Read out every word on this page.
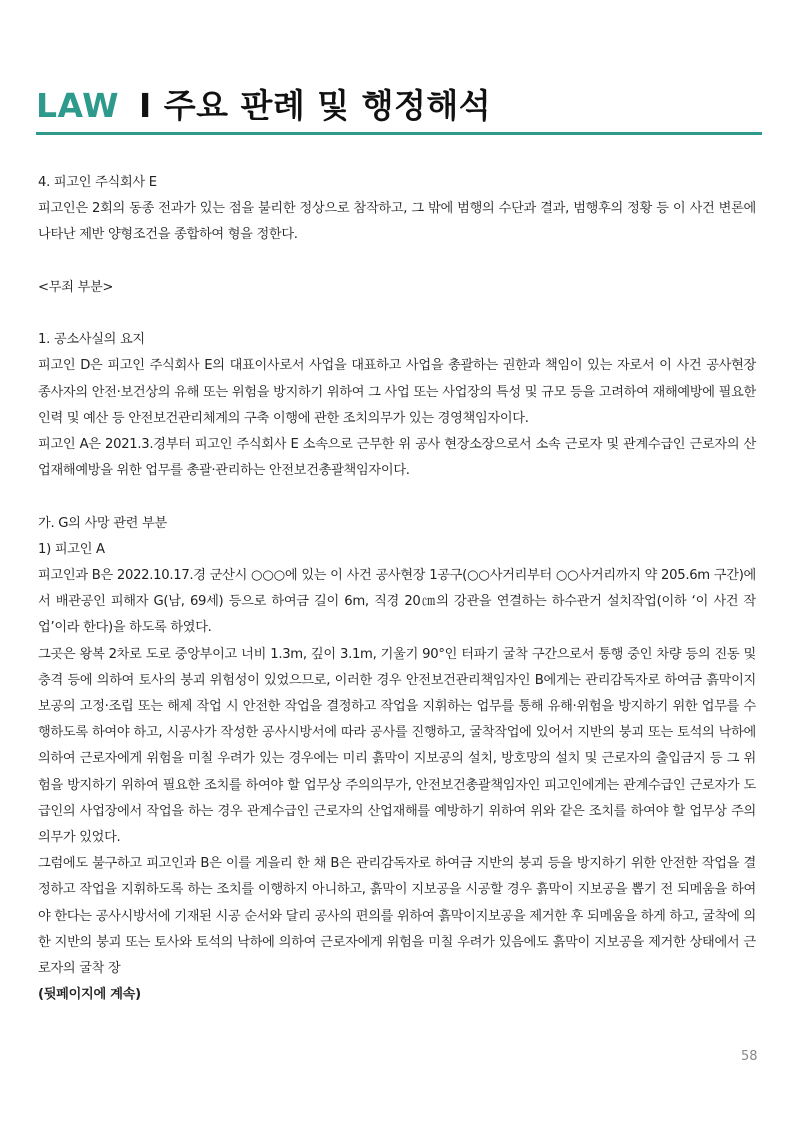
LAW I 주요 판례 및 행정해석

4. 피고인 주식회사 E

피고인은 2회의 동종 전과가 있는 점을 불리한 정상으로 참작하고, 그 밖에 범행의 수단과 결과, 범행후의 정황 등 이 사건 변론에 나타난 제반 양형조건을 종합하여 형을 정한다.

<무죄 부분>

1. 공소사실의 요지

피고인 D은 피고인 주식회사 E의 대표이사로서 사업을 대표하고 사업을 총괄하는 권한과 책임이 있는 자로서 이 사건 공사현장 종사자의 안전·보건상의 유해 또는 위험을 방지하기 위하여 그 사업 또는 사업장의 특성 및 규모 등을 고려하여 재해예방에 필요한 인력 및 예산 등 안전보건관리체계의 구축 이행에 관한 조치의무가 있는 경영책임자이다.

피고인 A은 2021.3.경부터 피고인 주식회사 E 소속으로 근무한 위 공사 현장소장으로서 소속 근로자 및 관계수급인 근로자의 산업재해예방을 위한 업무를 총괄·관리하는 안전보건총괄책임자이다.

가. G의 사망 관련 부분

1) 피고인 A

피고인과 B은 2022.10.17.경 군산시 ○○○에 있는 이 사건 공사현장 1공구(○○사거리부터 ○○사거리까지 약 205.6m 구간)에서 배관공인 피해자 G(남, 69세) 등으로 하여금 길이 6m, 직경 20㎝의 강관을 연결하는 하수관거 설치작업(이하 ‘이 사건 작업’이라 한다)을 하도록 하였다.

그곳은 왕복 2차로 도로 중앙부이고 너비 1.3m, 깊이 3.1m, 기울기 90°인 터파기 굴착 구간으로서 통행 중인 차량 등의 진동 및 충격 등에 의하여 토사의 붕괴 위험성이 있었으므로, 이러한 경우 안전보건관리책임자인 B에게는 관리감독자로 하여금 흙막이지보공의 고정·조립 또는 해제 작업 시 안전한 작업을 결정하고 작업을 지휘하는 업무를 통해 유해·위험을 방지하기 위한 업무를 수행하도록 하여야 하고, 시공사가 작성한 공사시방서에 따라 공사를 진행하고, 굴착작업에 있어서 지반의 붕괴 또는 토석의 낙하에 의하여 근로자에게 위험을 미칠 우려가 있는 경우에는 미리 흙막이 지보공의 설치, 방호망의 설치 및 근로자의 출입금지 등 그 위험을 방지하기 위하여 필요한 조치를 하여야 할 업무상 주의의무가, 안전보건총괄책임자인 피고인에게는 관계수급인 근로자가 도급인의 사업장에서 작업을 하는 경우 관계수급인 근로자의 산업재해를 예방하기 위하여 위와 같은 조치를 하여야 할 업무상 주의의무가 있었다.

그럼에도 불구하고 피고인과 B은 이를 게을리 한 채 B은 관리감독자로 하여금 지반의 붕괴 등을 방지하기 위한 안전한 작업을 결정하고 작업을 지휘하도록 하는 조치를 이행하지 아니하고, 흙막이 지보공을 시공할 경우 흙막이 지보공을 뽑기 전 되메움을 하여야 한다는 공사시방서에 기재된 시공 순서와 달리 공사의 편의를 위하여 흙막이지보공을 제거한 후 되메움을 하게 하고, 굴착에 의한 지반의 붕괴 또는 토사와 토석의 낙하에 의하여 근로자에게 위험을 미칠 우려가 있음에도 흙막이 지보공을 제거한 상태에서 근로자의 굴착 장

(뒷페이지에 계속)

58
